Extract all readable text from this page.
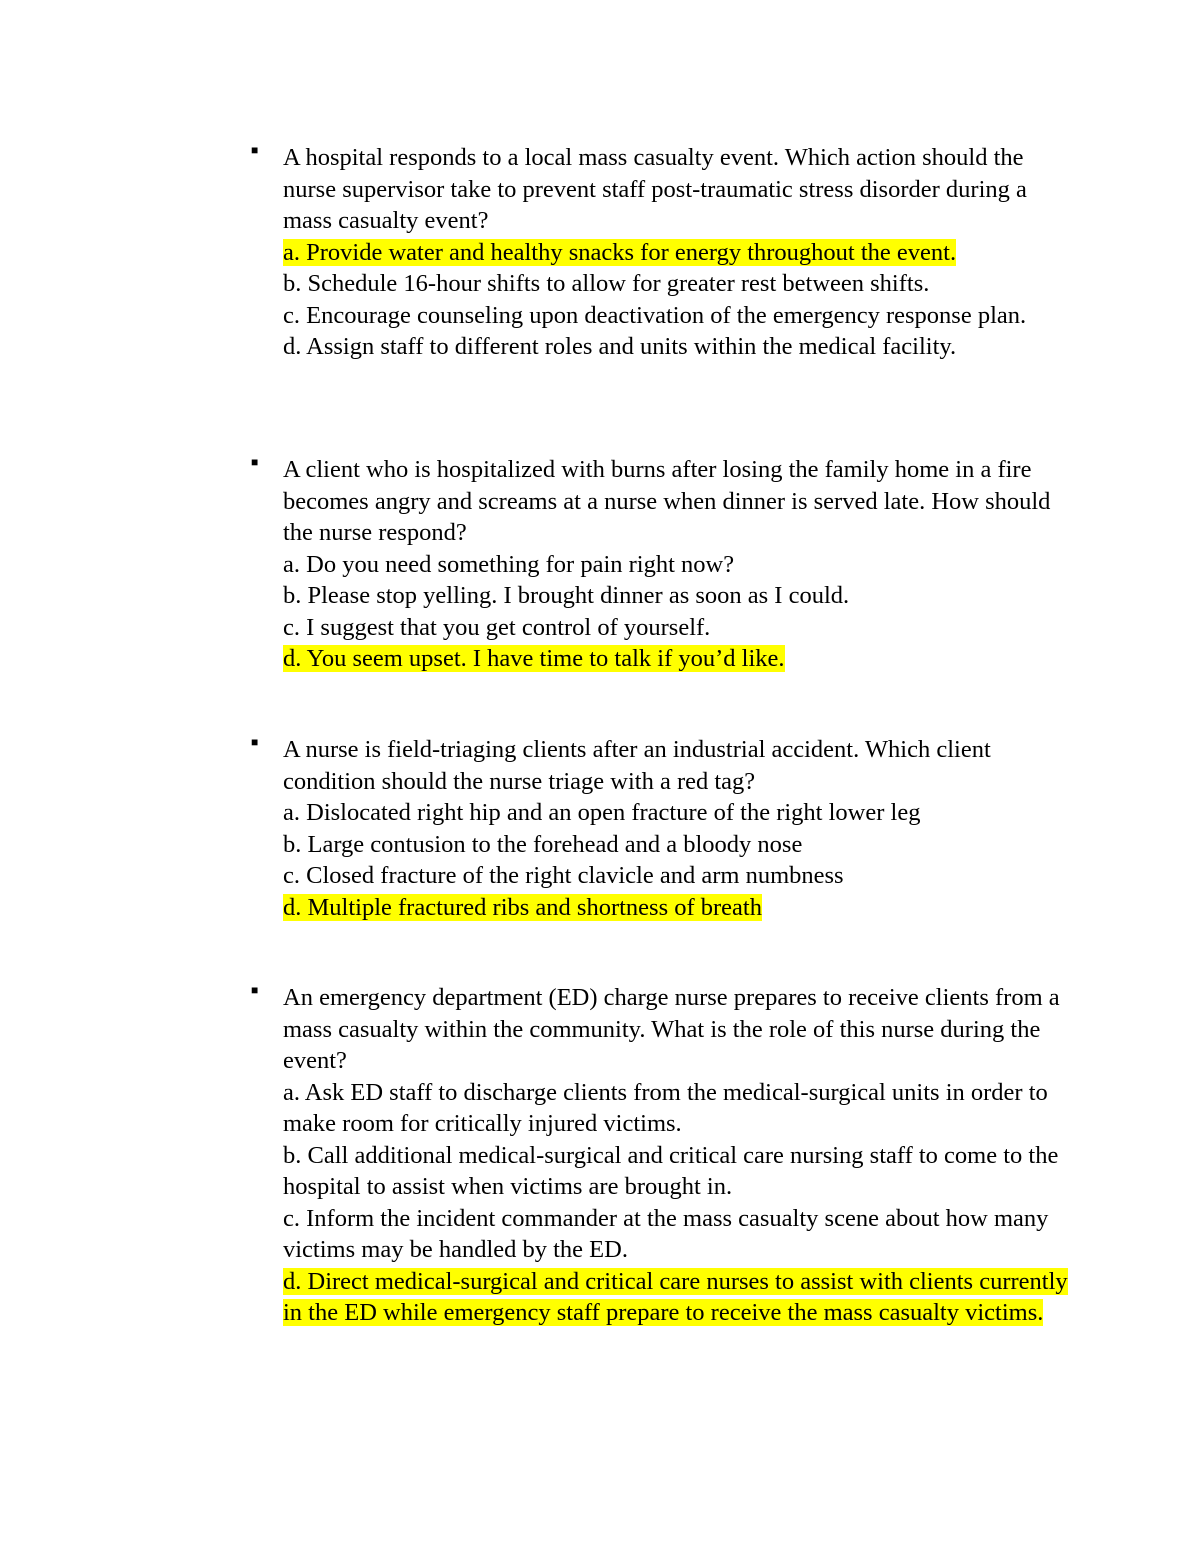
■ A hospital responds to a local mass casualty event. Which action should the nurse supervisor take to prevent staff post-traumatic stress disorder during a mass casualty event?

a. Provide water and healthy snacks for energy throughout the event.

b. Schedule 16-hour shifts to allow for greater rest between shifts.

c. Encourage counseling upon deactivation of the emergency response plan.

d. Assign staff to different roles and units within the medical facility.

■ A client who is hospitalized with burns after losing the family home in a fire becomes angry and screams at a nurse when dinner is served late. How should the nurse respond?

a. Do you need something for pain right now?

b. Please stop yelling. I brought dinner as soon as I could.

c. I suggest that you get control of yourself.

d. You seem upset. I have time to talk if you’d like.

■ A nurse is field-triaging clients after an industrial accident. Which client condition should the nurse triage with a red tag?

a. Dislocated right hip and an open fracture of the right lower leg

b. Large contusion to the forehead and a bloody nose

c. Closed fracture of the right clavicle and arm numbness

d. Multiple fractured ribs and shortness of breath

■ An emergency department (ED) charge nurse prepares to receive clients from a mass casualty within the community. What is the role of this nurse during the event?

a. Ask ED staff to discharge clients from the medical-surgical units in order to make room for critically injured victims.

b. Call additional medical-surgical and critical care nursing staff to come to the hospital to assist when victims are brought in.

c. Inform the incident commander at the mass casualty scene about how many victims may be handled by the ED.

d. Direct medical-surgical and critical care nurses to assist with clients currently in the ED while emergency staff prepare to receive the mass casualty victims.
